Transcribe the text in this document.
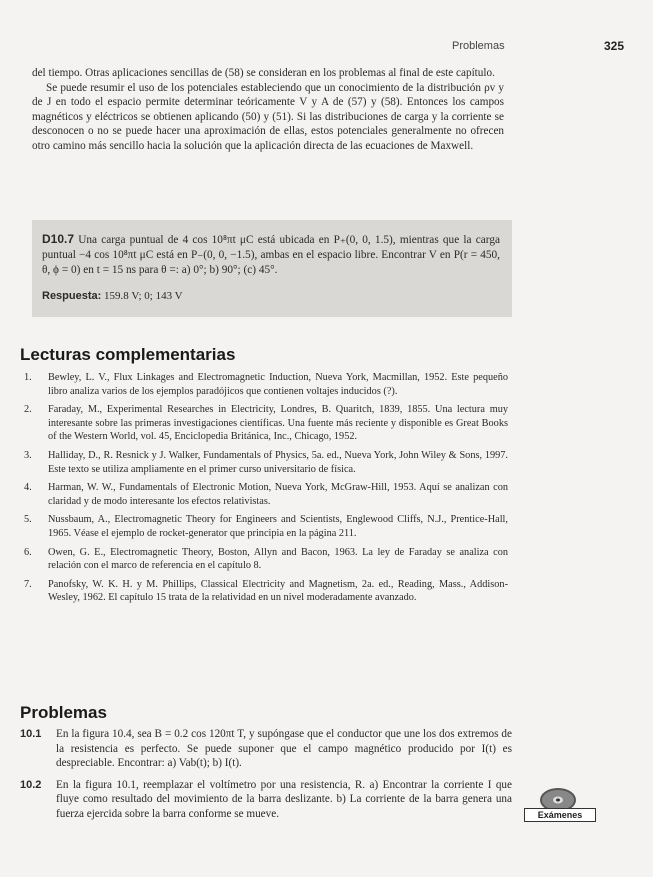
Problemas	325

del tiempo. Otras aplicaciones sencillas de (58) se consideran en los problemas al final de este capítulo.

Se puede resumir el uso de los potenciales estableciendo que un conocimiento de la distribución ρv y de J en todo el espacio permite determinar teóricamente V y A de (57) y (58). Entonces los campos magnéticos y eléctricos se obtienen aplicando (50) y (51). Si las distribuciones de carga y la corriente se desconocen o no se puede hacer una aproximación de ellas, estos potenciales generalmente no ofrecen otro camino más sencillo hacia la solución que la aplicación directa de las ecuaciones de Maxwell.

D10.7 Una carga puntual de 4 cos 10⁸πt μC está ubicada en P₊(0, 0, 1.5), mientras que la carga puntual −4 cos 10⁸πt μC está en P₋(0, 0, −1.5), ambas en el espacio libre. Encontrar V en P(r = 450, θ, ϕ = 0) en t = 15 ns para θ =: a) 0°; b) 90°; (c) 45°.
Respuesta: 159.8 V; 0; 143 V
Lecturas complementarias
1. Bewley, L. V., Flux Linkages and Electromagnetic Induction, Nueva York, Macmillan, 1952. Este pequeño libro analiza varios de los ejemplos paradójicos que contienen voltajes inducidos (?).
2. Faraday, M., Experimental Researches in Electricity, Londres, B. Quaritch, 1839, 1855. Una lectura muy interesante sobre las primeras investigaciones científicas. Una fuente más reciente y disponible es Great Books of the Western World, vol. 45, Enciclopedia Británica, Inc., Chicago, 1952.
3. Halliday, D., R. Resnick y J. Walker, Fundamentals of Physics, 5a. ed., Nueva York, John Wiley & Sons, 1997. Este texto se utiliza ampliamente en el primer curso universitario de física.
4. Harman, W. W., Fundamentals of Electronic Motion, Nueva York, McGraw-Hill, 1953. Aquí se analizan con claridad y de modo interesante los efectos relativistas.
5. Nussbaum, A., Electromagnetic Theory for Engineers and Scientists, Englewood Cliffs, N.J., Prentice-Hall, 1965. Véase el ejemplo de rocket-generator que principia en la página 211.
6. Owen, G. E., Electromagnetic Theory, Boston, Allyn and Bacon, 1963. La ley de Faraday se analiza con relación con el marco de referencia en el capítulo 8.
7. Panofsky, W. K. H. y M. Phillips, Classical Electricity and Magnetism, 2a. ed., Reading, Mass., Addison-Wesley, 1962. El capítulo 15 trata de la relatividad en un nivel moderadamente avanzado.
Problemas
10.1 En la figura 10.4, sea B = 0.2 cos 120πt T, y supóngase que el conductor que une los dos extremos de la resistencia es perfecto. Se puede suponer que el campo magnético producido por I(t) es despreciable. Encontrar: a) Vab(t); b) I(t).
10.2 En la figura 10.1, reemplazar el voltímetro por una resistencia, R. a) Encontrar la corriente I que fluye como resultado del movimiento de la barra deslizante. b) La corriente de la barra genera una fuerza ejercida sobre la barra conforme se mueve.	Exámenes
